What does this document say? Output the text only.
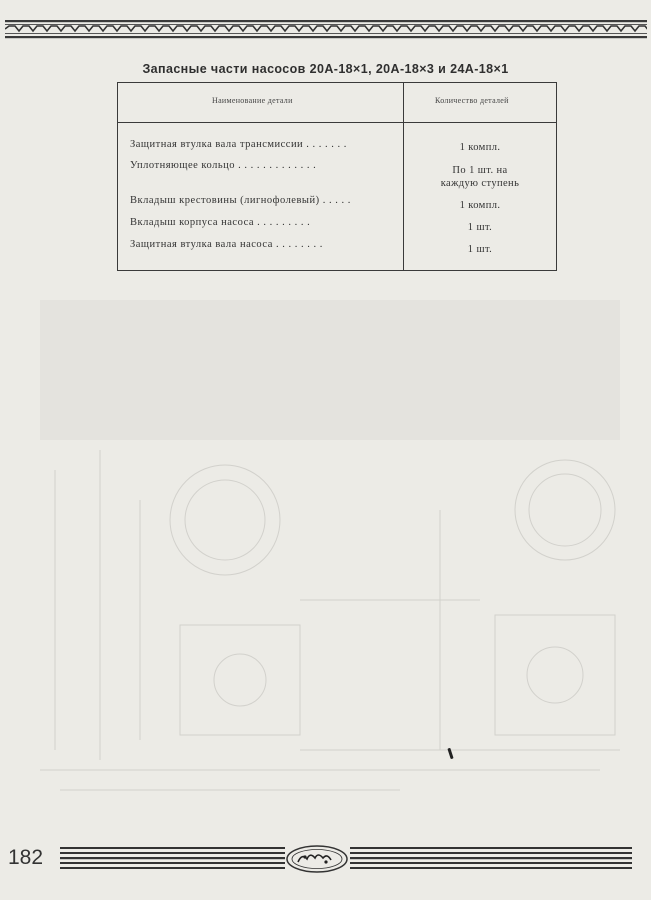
Запасные части насосов 20А-18×1, 20А-18×3 и 24А-18×1
Наименование детали	Количество деталей
Защитная втулка вала трансмиссии . . . . . . .	1 компл.
Уплотняющее кольцо . . . . . . . . . . . . .	По 1 шт. на каждую ступень
Вкладыш крестовины (лигнофолевый) . . . . .	1 компл.
Вкладыш корпуса насоса . . . . . . . . .	1 шт.
Защитная втулка вала насоса . . . . . . . .	1 шт.
182
